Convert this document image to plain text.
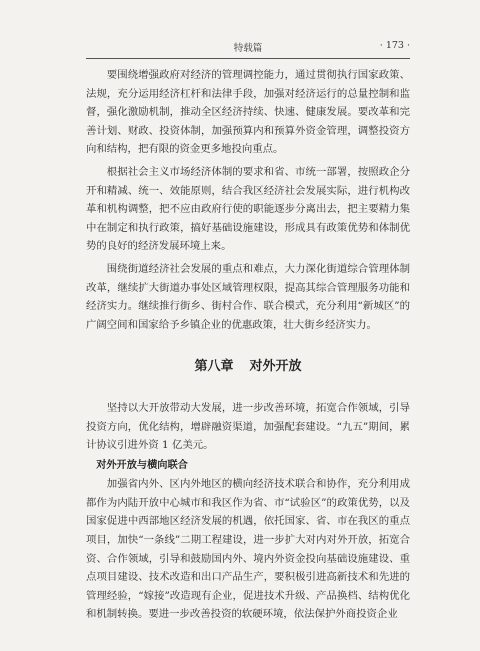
特载篇	· 173 ·

要围绕增强政府对经济的管理调控能力，通过贯彻执行国家政策、法规，充分运用经济杠杆和法律手段，加强对经济运行的总量控制和监督，强化激励机制，推动全区经济持续、快速、健康发展。要改革和完善计划、财政、投资体制，加强预算内和预算外资金管理，调整投资方向和结构，把有限的资金更多地投向重点。

根据社会主义市场经济体制的要求和省、市统一部署，按照政企分开和精减、统一、效能原则，结合我区经济社会发展实际，进行机构改革和机构调整，把不应由政府行使的职能逐步分离出去，把主要精力集中在制定和执行政策，搞好基础设施建设，形成具有政策优势和体制优势的良好的经济发展环境上来。

围绕街道经济社会发展的重点和难点，大力深化街道综合管理体制改革，继续扩大街道办事处区域管理权限，提高其综合管理服务功能和经济实力。继续推行街乡、街村合作、联合模式，充分利用“新城区”的广阔空间和国家给予乡镇企业的优惠政策，壮大街乡经济实力。

第八章 对外开放

坚持以大开放带动大发展，进一步改善环境，拓宽合作领域，引导投资方向，优化结构，增辟融资渠道，加强配套建设。“九五”期间，累计协议引进外资 1 亿美元。

对外开放与横向联合

加强省内外、区内外地区的横向经济技术联合和协作，充分利用成都作为内陆开放中心城市和我区作为省、市“试验区”的政策优势，以及国家促进中西部地区经济发展的机遇，依托国家、省、市在我区的重点项目，加快“一条线”二期工程建设，进一步扩大对内对外开放，拓宽合资、合作领域，引导和鼓励国内外、境内外资金投向基础设施建设、重点项目建设、技术改造和出口产品生产，要积极引进高新技术和先进的管理经验，“嫁接”改造现有企业，促进技术升级、产品换档、结构优化和机制转换。要进一步改善投资的软硬环境，依法保护外商投资企业
